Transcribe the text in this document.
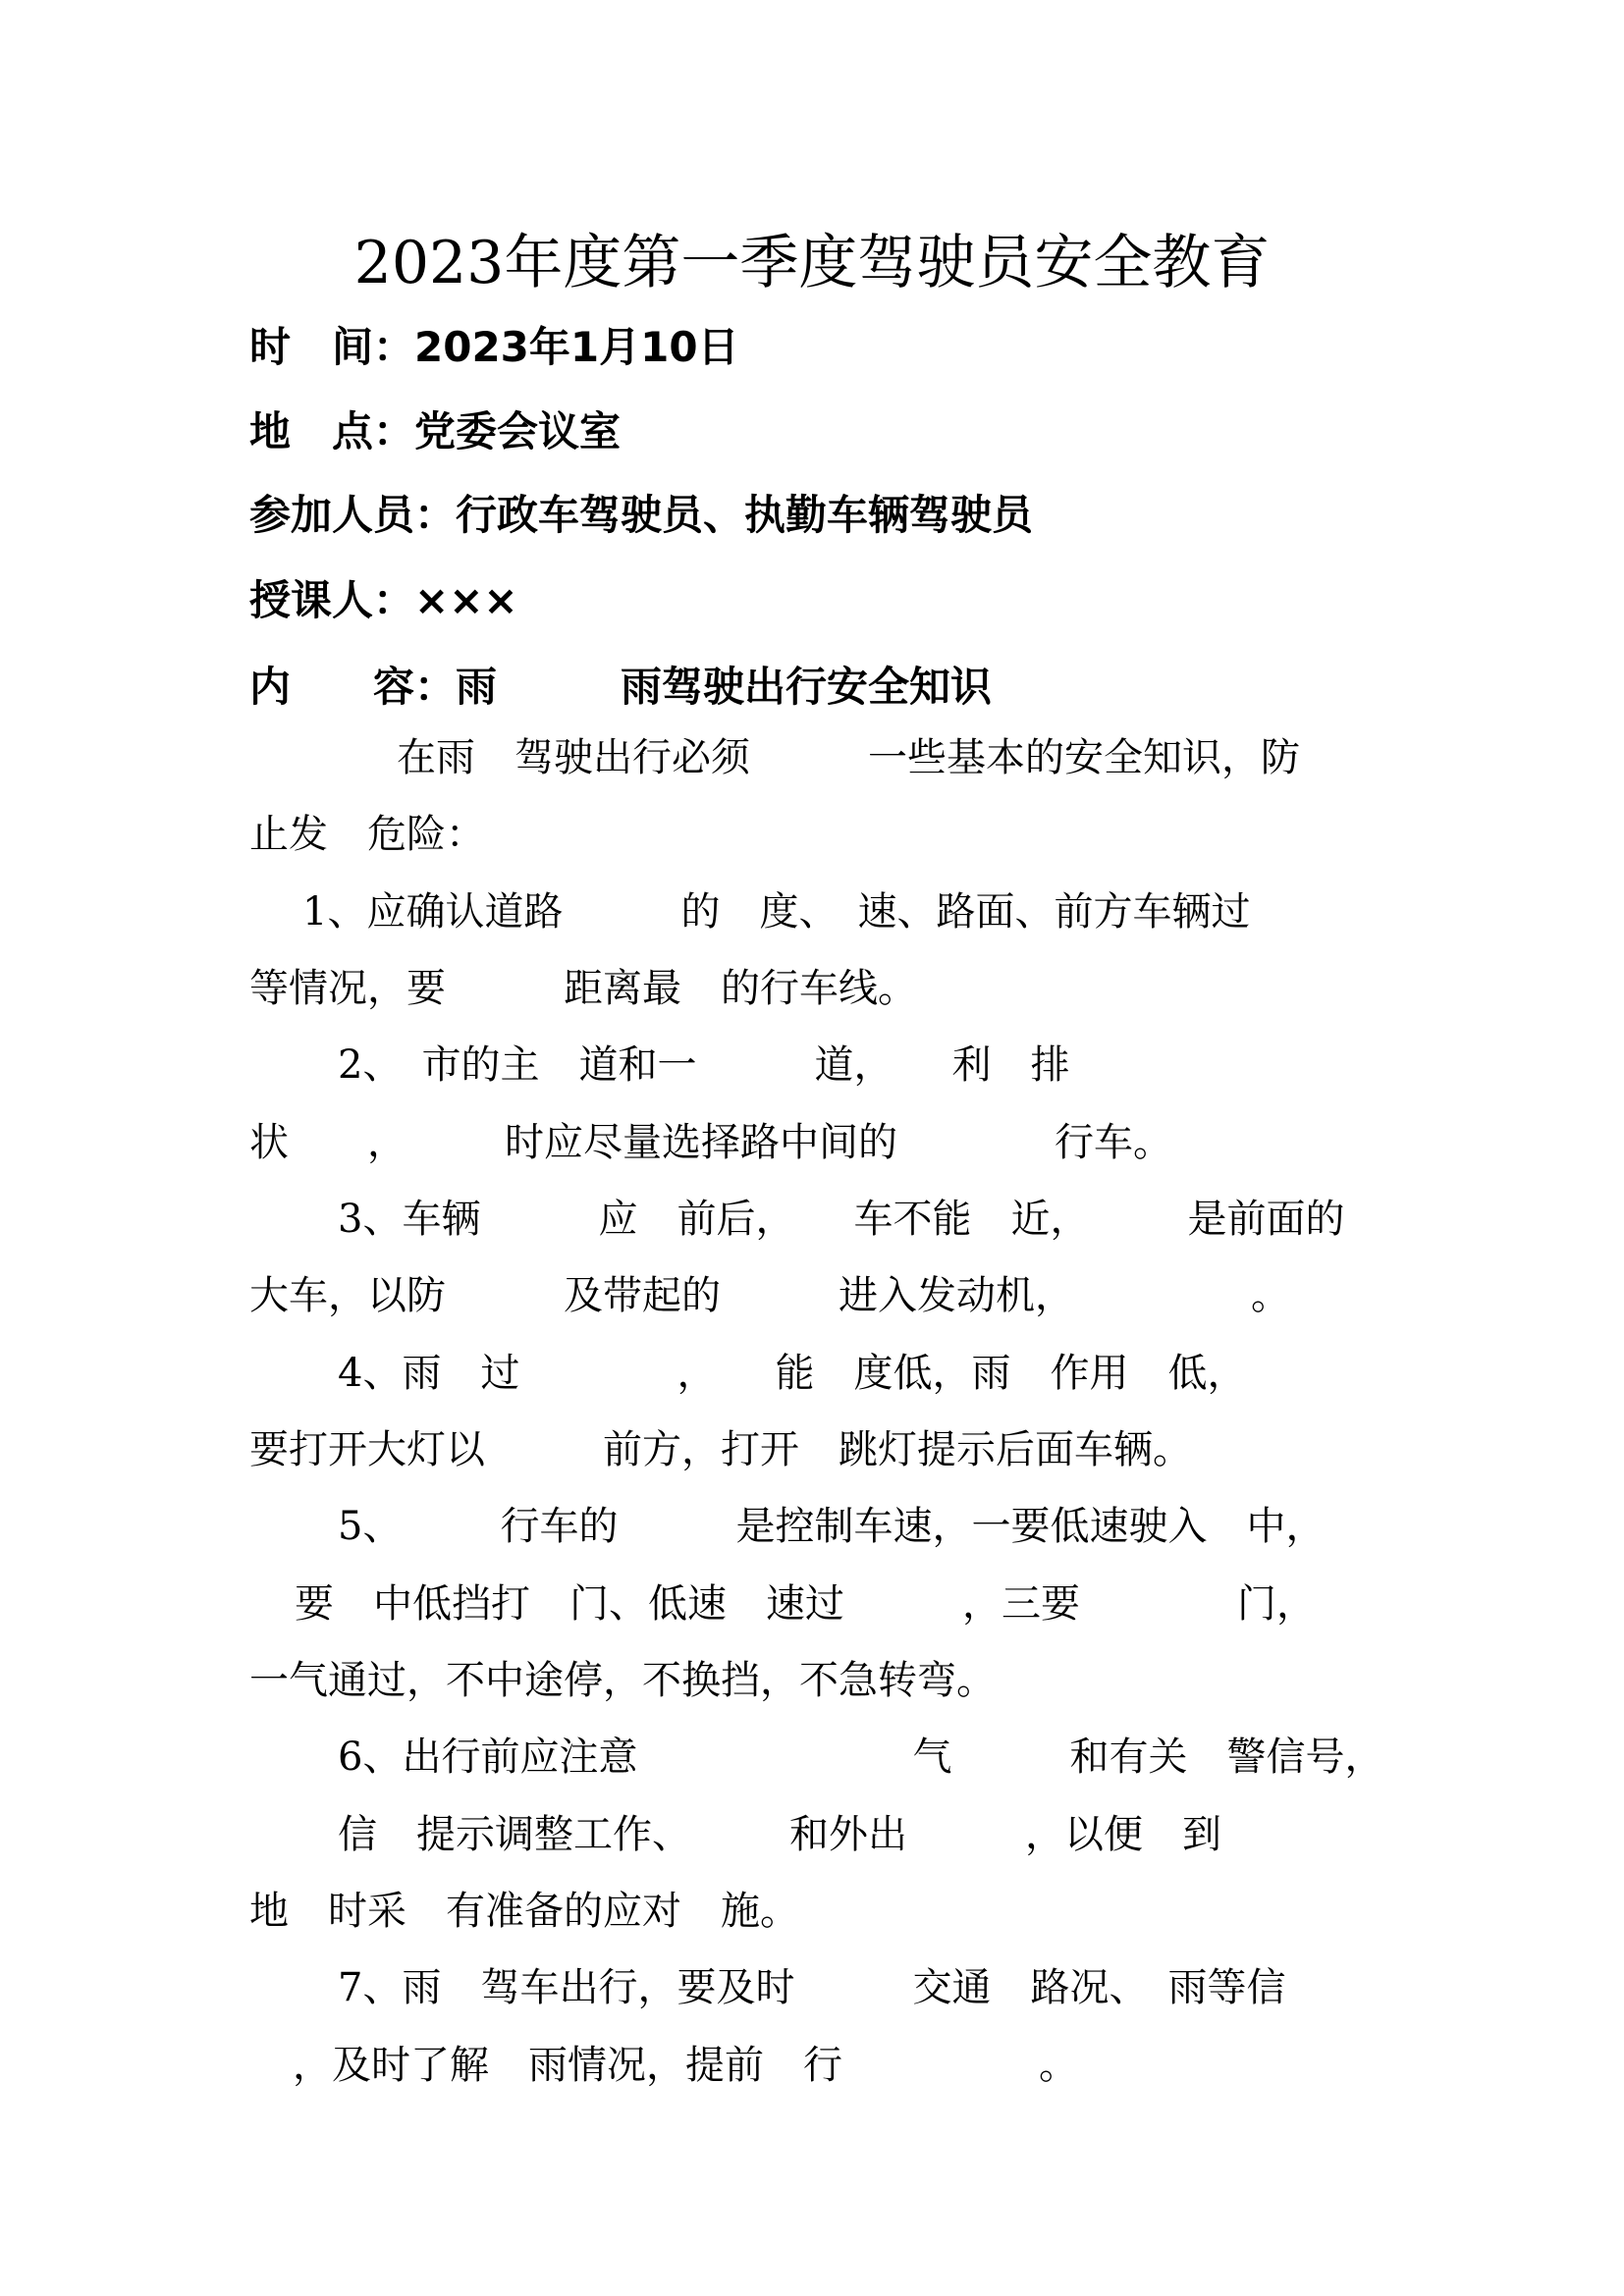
2023年度第一季度驾驶员安全教育
时　间：2023年1月10日
地　点：党委会议室
参加人员：行政车驾驶员、执勤车辆驾驶员
授课人：×××
内　　容：雨　　　雨驾驶出行安全知识
在雨　驾驶出行必须　　　一些基本的安全知识，防
止发　危险：
1、应确认道路　　　的　度、　速、路面、前方车辆过
等情况，要　　　距离最　的行车线。
2、　市的主　道和一　　　道，　　利　排
状　　，　　　时应尽量选择路中间的　　　　行车。
3、车辆　　　应　前后，　　车不能　近，　　　是前面的
大车，以防　　　及带起的　　　进入发动机，　　　　　。
4、雨　过　　　　，　　能　度低，雨　作用　低，
要打开大灯以　　　前方，打开　跳灯提示后面车辆。
5、　　　行车的　　　是控制车速，一要低速驶入　中，
要　中低挡打　门、低速　速过　　　，三要　　　　门，
一气通过，不中途停，不换挡，不急转弯。
6、出行前应注意　　　　　　　气　　　和有关　警信号，
信　提示调整工作、　　　和外出　　　，以便　到
地　时采　有准备的应对　施。
7、雨　驾车出行，要及时　　　交通　路况、　雨等信
，及时了解　雨情况，提前　行　　　　　。
